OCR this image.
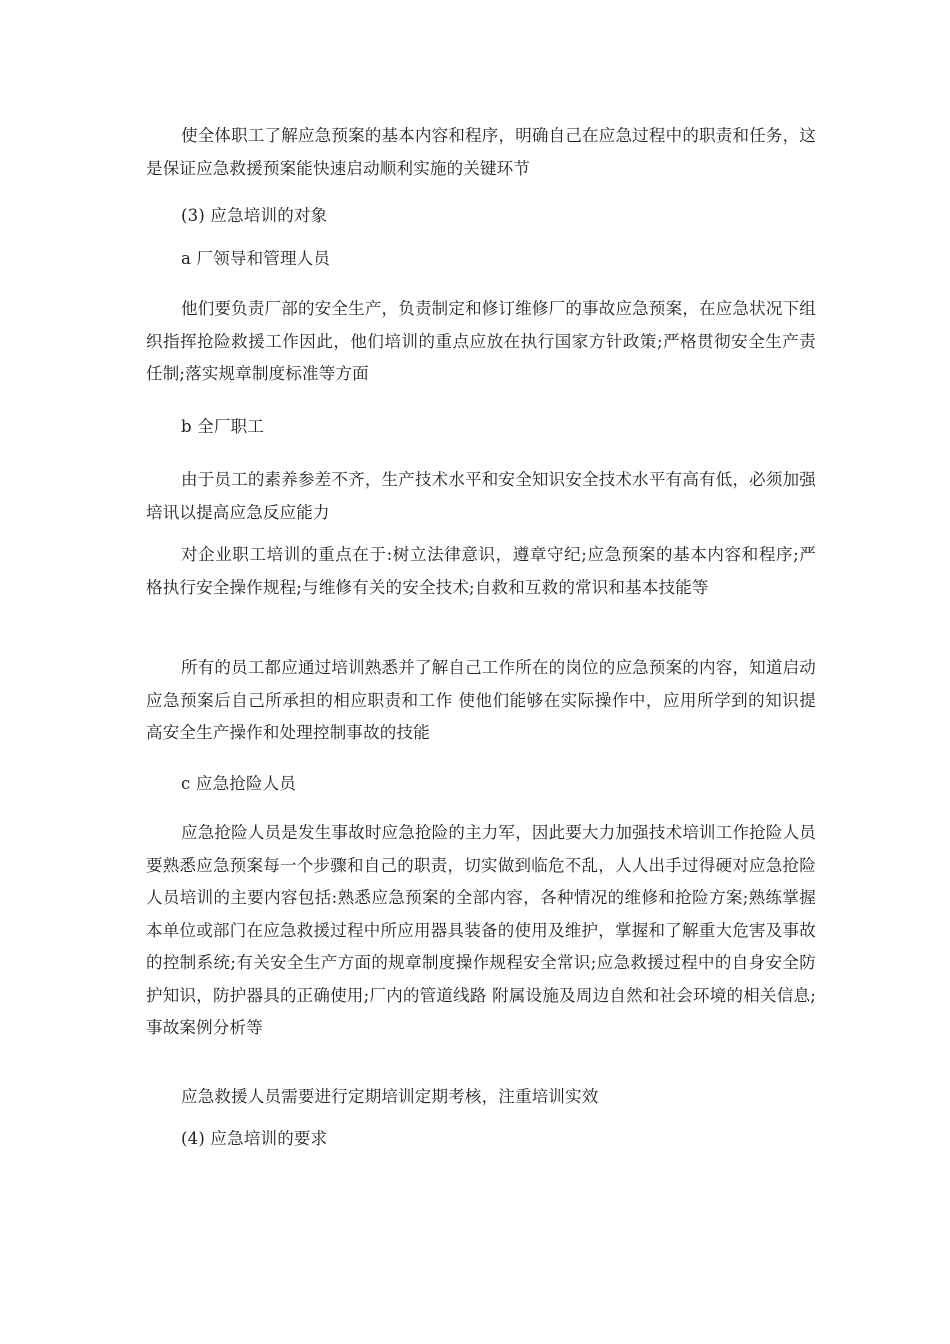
使全体职工了解应急预案的基本内容和程序，明确自己在应急过程中的职责和任务，这是保证应急救援预案能快速启动顺利实施的关键环节

(3) 应急培训的对象

a 厂领导和管理人员

他们要负责厂部的安全生产，负责制定和修订维修厂的事故应急预案，在应急状况下组织指挥抢险救援工作因此，他们培训的重点应放在执行国家方针政策;严格贯彻安全生产责任制;落实规章制度标准等方面

b 全厂职工

由于员工的素养参差不齐，生产技术水平和安全知识安全技术水平有高有低，必须加强培讯以提高应急反应能力

对企业职工培训的重点在于:树立法律意识，遵章守纪;应急预案的基本内容和程序;严格执行安全操作规程;与维修有关的安全技术;自救和互救的常识和基本技能等

所有的员工都应通过培训熟悉并了解自己工作所在的岗位的应急预案的内容，知道启动应急预案后自己所承担的相应职责和工作 使他们能够在实际操作中，应用所学到的知识提高安全生产操作和处理控制事故的技能

c 应急抢险人员

应急抢险人员是发生事故时应急抢险的主力军，因此要大力加强技术培训工作抢险人员要熟悉应急预案每一个步骤和自己的职责，切实做到临危不乱，人人出手过得硬对应急抢险人员培训的主要内容包括:熟悉应急预案的全部内容，各种情况的维修和抢险方案;熟练掌握本单位或部门在应急救援过程中所应用器具装备的使用及维护，掌握和了解重大危害及事故的控制系统;有关安全生产方面的规章制度操作规程安全常识;应急救援过程中的自身安全防护知识，防护器具的正确使用;厂内的管道线路 附属设施及周边自然和社会环境的相关信息;事故案例分析等

应急救援人员需要进行定期培训定期考核，注重培训实效

(4) 应急培训的要求
